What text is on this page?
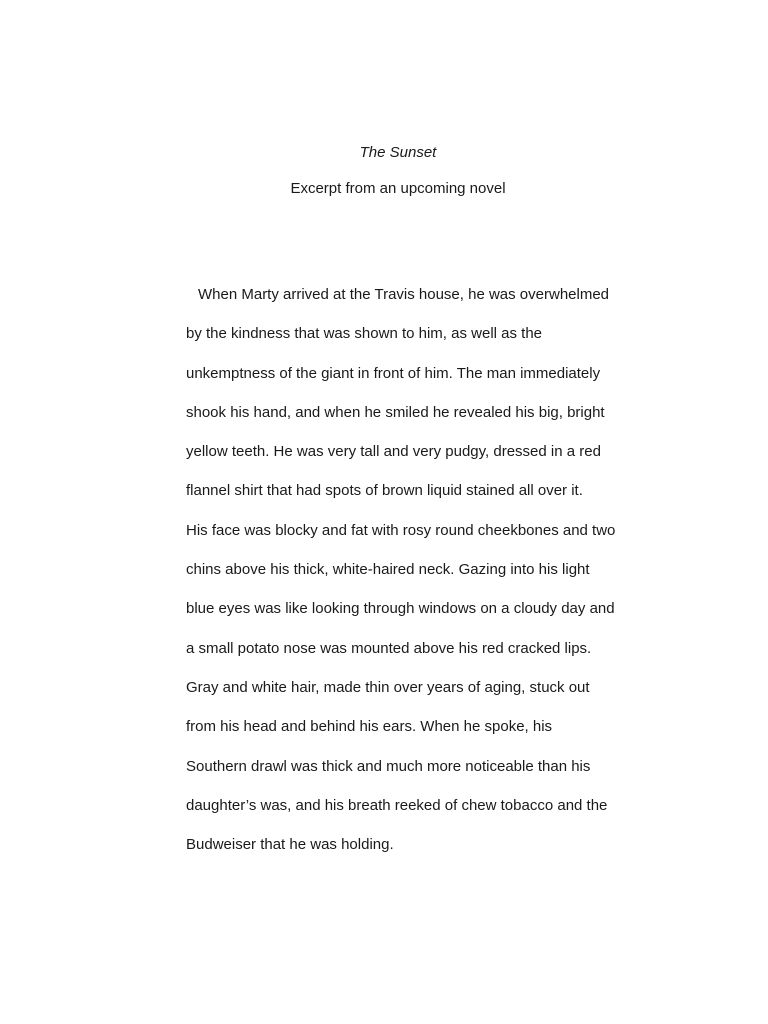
The Sunset
Excerpt from an upcoming novel
When Marty arrived at the Travis house, he was overwhelmed
by the kindness that was shown to him, as well as the
unkemptness of the giant in front of him. The man immediately
shook his hand, and when he smiled he revealed his big, bright
yellow teeth. He was very tall and very pudgy, dressed in a red
flannel shirt that had spots of brown liquid stained all over it.
His face was blocky and fat with rosy round cheekbones and two
chins above his thick, white-haired neck. Gazing into his light
blue eyes was like looking through windows on a cloudy day and
a small potato nose was mounted above his red cracked lips.
Gray and white hair, made thin over years of aging, stuck out
from his head and behind his ears. When he spoke, his
Southern drawl was thick and much more noticeable than his
daughter’s was, and his breath reeked of chew tobacco and the
Budweiser that he was holding.
